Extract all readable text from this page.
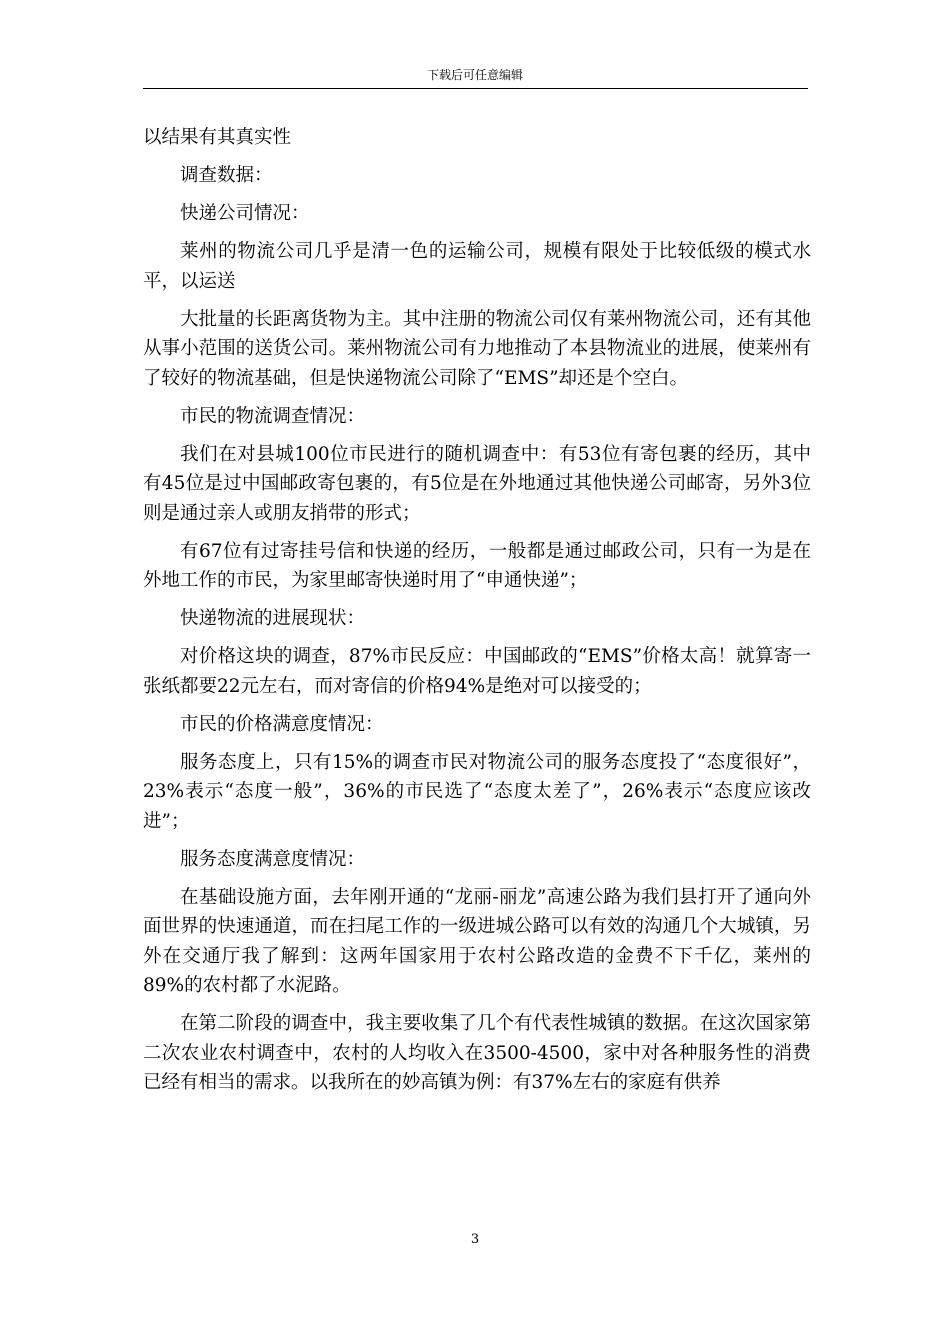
下载后可任意编辑

以结果有其真实性

调查数据：

快递公司情况：

莱州的物流公司几乎是清一色的运输公司，规模有限处于比较低级的模式水平，以运送

大批量的长距离货物为主。其中注册的物流公司仅有莱州物流公司，还有其他从事小范围的送货公司。莱州物流公司有力地推动了本县物流业的进展，使莱州有了较好的物流基础，但是快递物流公司除了“EMS”却还是个空白。

市民的物流调查情况：

我们在对县城100位市民进行的随机调查中：有53位有寄包裹的经历，其中有45位是过中国邮政寄包裹的，有5位是在外地通过其他快递公司邮寄，另外3位则是通过亲人或朋友捎带的形式；

有67位有过寄挂号信和快递的经历，一般都是通过邮政公司，只有一为是在外地工作的市民，为家里邮寄快递时用了“申通快递”；

快递物流的进展现状：

对价格这块的调查，87%市民反应：中国邮政的“EMS”价格太高！就算寄一张纸都要22元左右，而对寄信的价格94%是绝对可以接受的；

市民的价格满意度情况：

服务态度上，只有15%的调查市民对物流公司的服务态度投了“态度很好”，23%表示“态度一般”，36%的市民选了“态度太差了”，26%表示“态度应该改进”；

服务态度满意度情况：

在基础设施方面，去年刚开通的“龙丽-丽龙”高速公路为我们县打开了通向外面世界的快速通道，而在扫尾工作的一级进城公路可以有效的沟通几个大城镇，另外在交通厅我了解到：这两年国家用于农村公路改造的金费不下千亿，莱州的89%的农村都了水泥路。

在第二阶段的调查中，我主要收集了几个有代表性城镇的数据。在这次国家第二次农业农村调查中，农村的人均收入在3500-4500，家中对各种服务性的消费已经有相当的需求。以我所在的妙高镇为例：有37%左右的家庭有供养

3
